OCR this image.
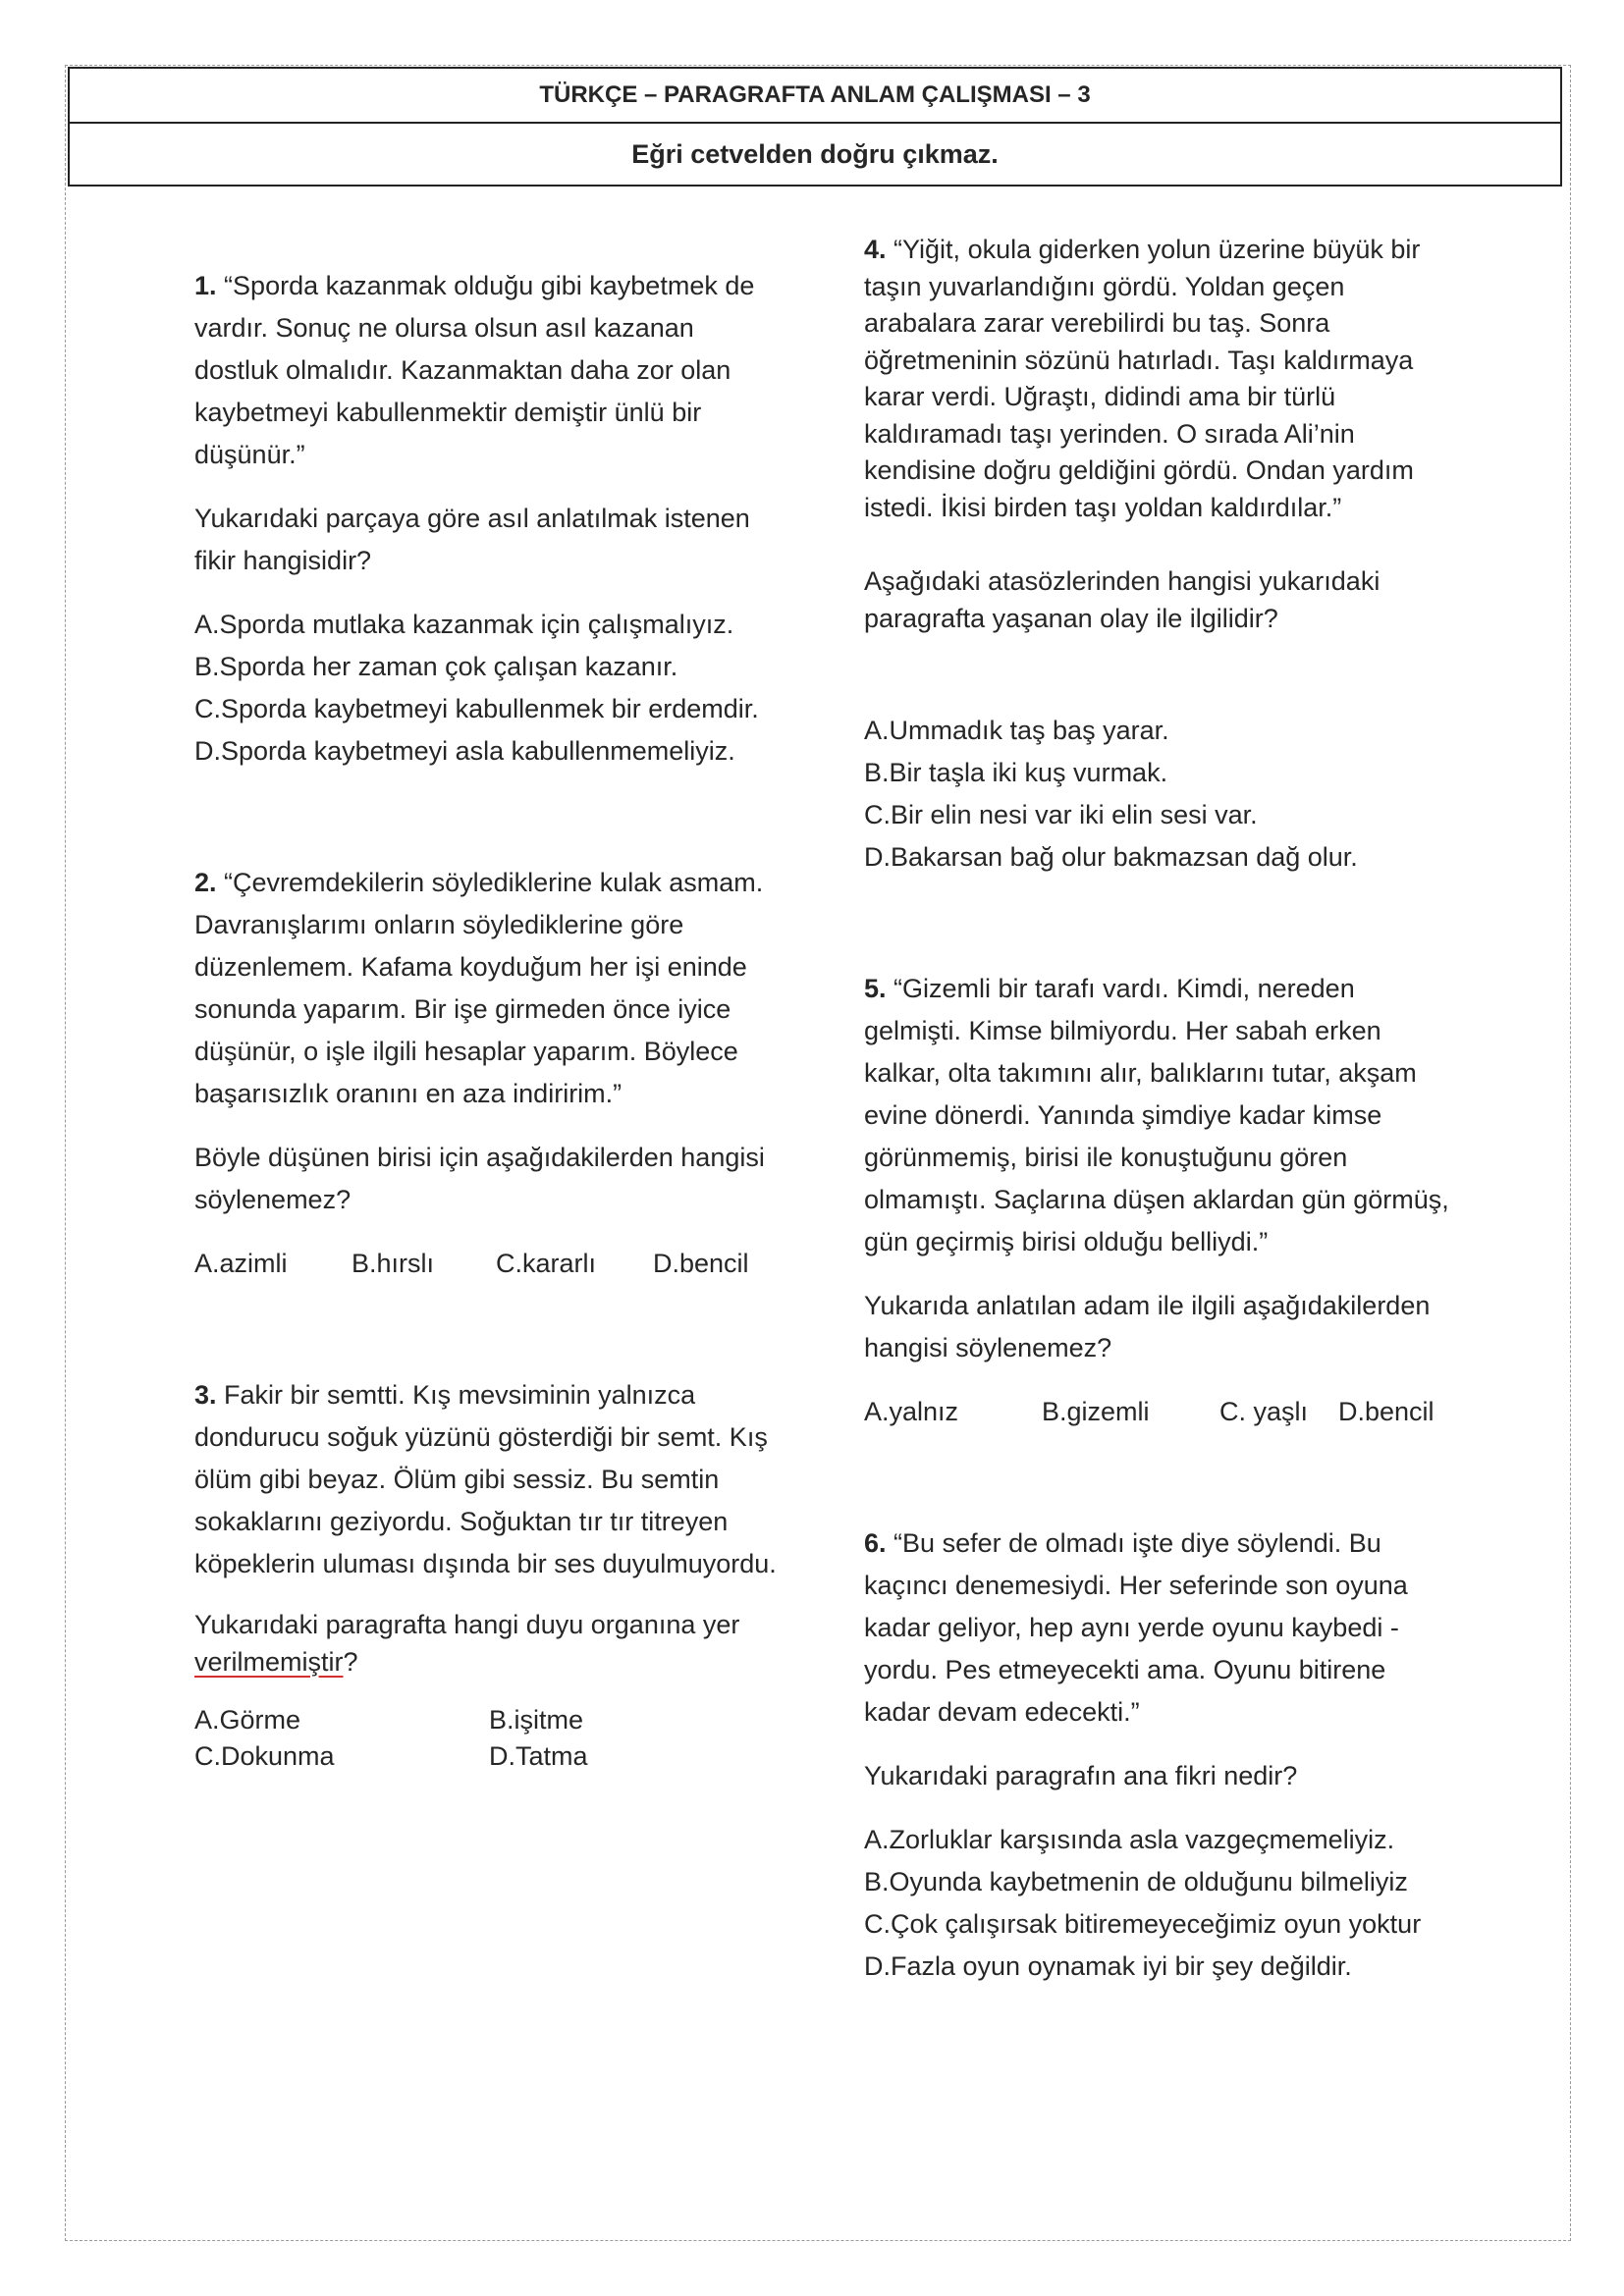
TÜRKÇE – PARAGRAFTA ANLAM ÇALIŞMASI – 3
Eğri cetvelden doğru çıkmaz.

1. “Sporda kazanmak olduğu gibi kaybetmek de vardır. Sonuç ne olursa olsun asıl kazanan dostluk olmalıdır. Kazanmaktan daha zor olan kaybetmeyi kabullenmektir demiştir ünlü bir düşünür.”

Yukarıdaki parçaya göre asıl anlatılmak istenen fikir hangisidir?

A.Sporda mutlaka kazanmak için çalışmalıyız.
B.Sporda her zaman çok çalışan kazanır.
C.Sporda kaybetmeyi kabullenmek bir erdemdir.
D.Sporda kaybetmeyi asla kabullenmemeliyiz.

2. “Çevremdekilerin söylediklerine kulak asmam. Davranışlarımı onların söylediklerine göre düzenlemem. Kafama koyduğum her işi eninde sonunda yaparım. Bir işe girmeden önce iyice düşünür, o işle ilgili hesaplar yaparım. Böylece başarısızlık oranını en aza indiririm.”

Böyle düşünen birisi için aşağıdakilerden hangisi söylenemez?

A.azimli	B.hırslı	C.kararlı	D.bencil

3. Fakir bir semtti. Kış mevsiminin yalnızca dondurucu soğuk yüzünü gösterdiği bir semt. Kış ölüm gibi beyaz. Ölüm gibi sessiz. Bu semtin sokaklarını geziyordu. Soğuktan tır tır titreyen köpeklerin uluması dışında bir ses duyulmuyordu.

Yukarıdaki paragrafta hangi duyu organına yer verilmemiştir?

A.Görme	B.işitme
C.Dokunma	D.Tatma

4. “Yiğit, okula giderken yolun üzerine büyük bir taşın yuvarlandığını gördü. Yoldan geçen arabalara zarar verebilirdi bu taş. Sonra öğretmeninin sözünü hatırladı. Taşı kaldırmaya karar verdi. Uğraştı, didindi ama bir türlü kaldıramadı taşı yerinden. O sırada Ali’nin kendisine doğru geldiğini gördü. Ondan yardım istedi. İkisi birden taşı yoldan kaldırdılar.”

Aşağıdaki atasözlerinden hangisi yukarıdaki paragrafta yaşanan olay ile ilgilidir?

A.Ummadık taş baş yarar.
B.Bir taşla iki kuş vurmak.
C.Bir elin nesi var iki elin sesi var.
D.Bakarsan bağ olur bakmazsan dağ olur.

5. “Gizemli bir tarafı vardı. Kimdi, nereden gelmişti. Kimse bilmiyordu. Her sabah erken kalkar, olta takımını alır, balıklarını tutar, akşam evine dönerdi. Yanında şimdiye kadar kimse görünmemiş, birisi ile konuştuğunu gören olmamıştı. Saçlarına düşen aklardan gün görmüş, gün geçirmiş birisi olduğu belliydi.”

Yukarıda anlatılan adam ile ilgili aşağıdakilerden hangisi söylenemez?

A.yalnız	B.gizemli	C. yaşlı	D.bencil

6. “Bu sefer de olmadı işte diye söylendi. Bu kaçıncı denemesiydi. Her seferinde son oyuna kadar geliyor, hep aynı yerde oyunu kaybedi - yordu. Pes etmeyecekti ama. Oyunu bitirene kadar devam edecekti.”

Yukarıdaki paragrafın ana fikri nedir?

A.Zorluklar karşısında asla vazgeçmemeliyiz.
B.Oyunda kaybetmenin de olduğunu bilmeliyiz
C.Çok çalışırsak bitiremeyeceğimiz oyun yoktur
D.Fazla oyun oynamak iyi bir şey değildir.
